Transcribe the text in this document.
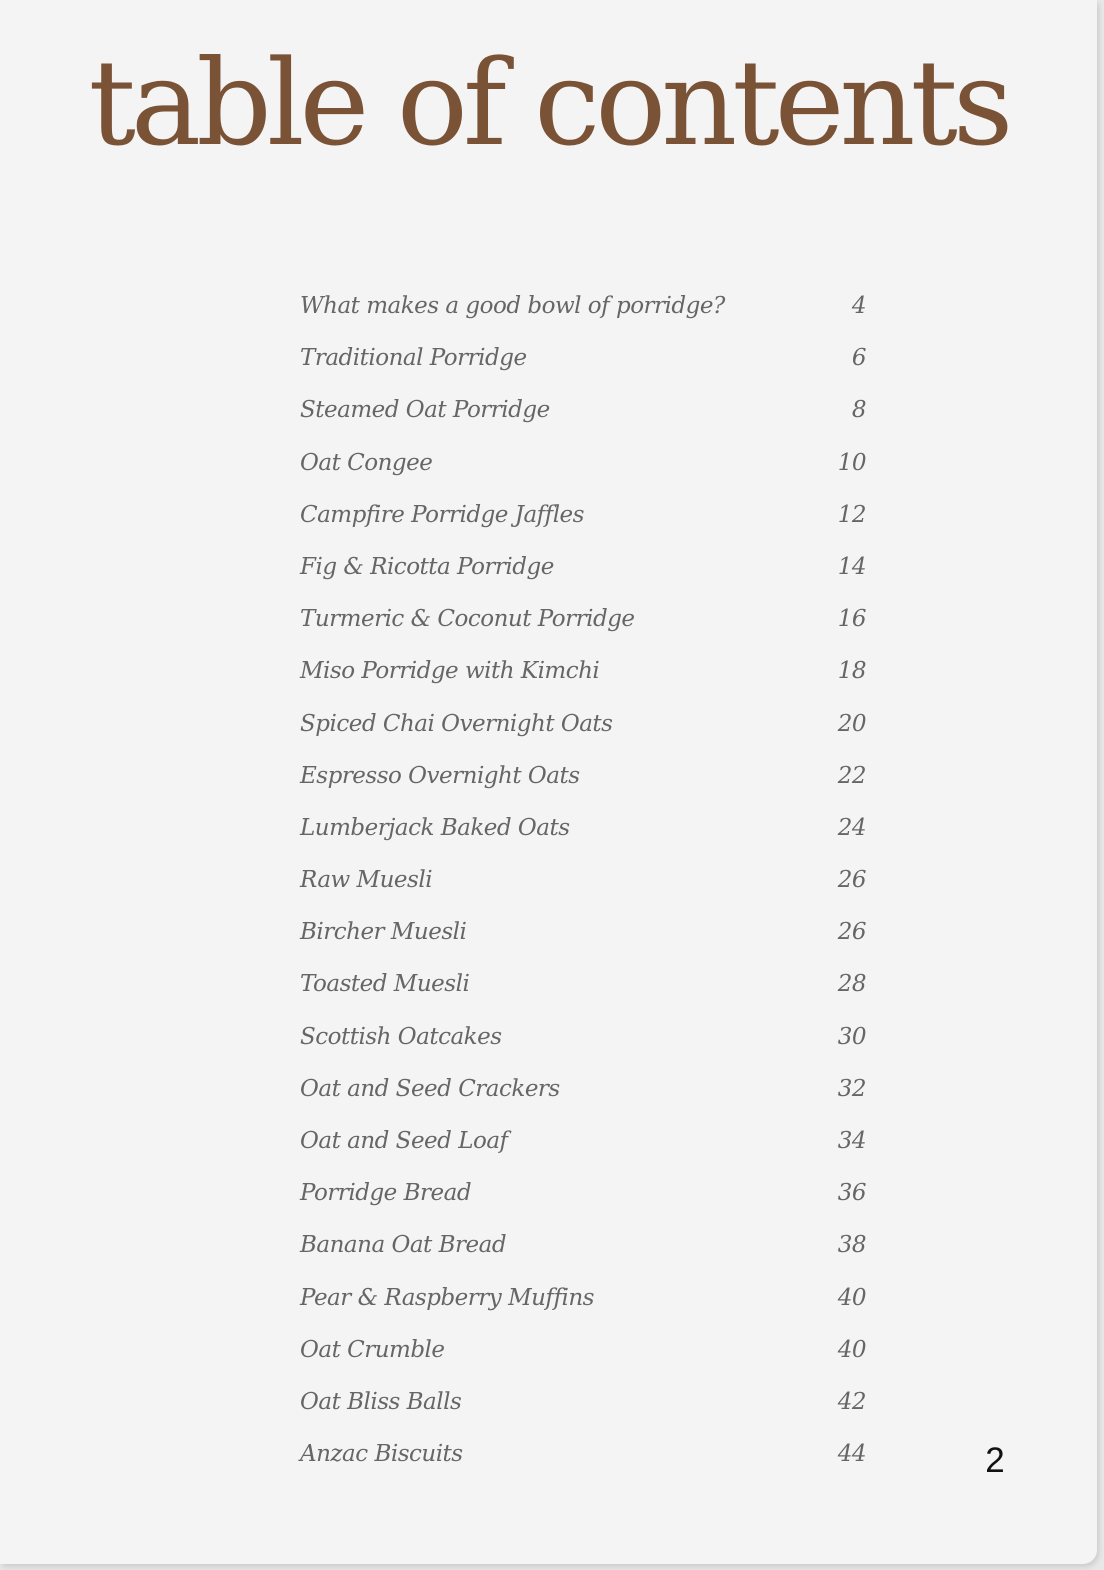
table of contents
What makes a good bowl of porridge?	4
Traditional Porridge	6
Steamed Oat Porridge	8
Oat Congee	10
Campfire Porridge Jaffles	12
Fig & Ricotta Porridge	14
Turmeric & Coconut Porridge	16
Miso Porridge with Kimchi	18
Spiced Chai Overnight Oats	20
Espresso Overnight Oats	22
Lumberjack Baked Oats	24
Raw Muesli	26
Bircher Muesli	26
Toasted Muesli	28
Scottish Oatcakes	30
Oat and Seed Crackers	32
Oat and Seed Loaf	34
Porridge Bread	36
Banana Oat Bread	38
Pear & Raspberry Muffins	40
Oat Crumble	40
Oat Bliss Balls	42
Anzac Biscuits	44	2
